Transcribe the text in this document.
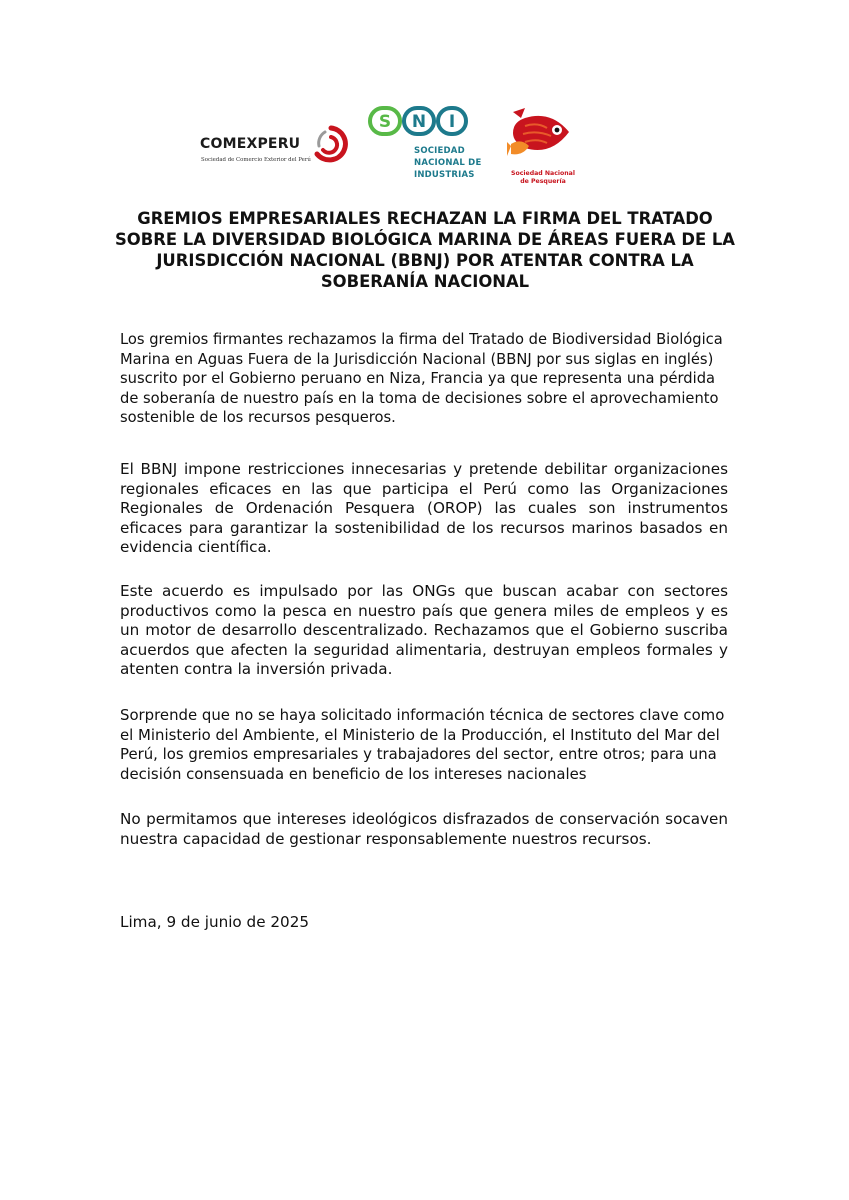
COMEXPERU
Sociedad de Comercio Exterior del Perú
S N I
SOCIEDAD
NACIONAL DE
INDUSTRIAS	Sociedad Nacional
de Pesquería
GREMIOS EMPRESARIALES RECHAZAN LA FIRMA DEL TRATADO
SOBRE LA DIVERSIDAD BIOLÓGICA MARINA DE ÁREAS FUERA DE LA
JURISDICCIÓN NACIONAL (BBNJ) POR ATENTAR CONTRA LA
SOBERANÍA NACIONAL
Los gremios firmantes rechazamos la firma del Tratado de Biodiversidad Biológica Marina en Aguas Fuera de la Jurisdicción Nacional (BBNJ por sus siglas en inglés) suscrito por el Gobierno peruano en Niza, Francia ya que representa una pérdida de soberanía de nuestro país en la toma de decisiones sobre el aprovechamiento sostenible de los recursos pesqueros.
El BBNJ impone restricciones innecesarias y pretende debilitar organizaciones regionales eficaces en las que participa el Perú como las Organizaciones Regionales de Ordenación Pesquera (OROP) las cuales son instrumentos eficaces para garantizar la sostenibilidad de los recursos marinos basados en evidencia científica.
Este acuerdo es impulsado por las ONGs que buscan acabar con sectores productivos como la pesca en nuestro país que genera miles de empleos y es un motor de desarrollo descentralizado. Rechazamos que el Gobierno suscriba acuerdos que afecten la seguridad alimentaria, destruyan empleos formales y atenten contra la inversión privada.
Sorprende que no se haya solicitado información técnica de sectores clave como el Ministerio del Ambiente, el Ministerio de la Producción, el Instituto del Mar del Perú, los gremios empresariales y trabajadores del sector, entre otros; para una decisión consensuada en beneficio de los intereses nacionales
No permitamos que intereses ideológicos disfrazados de conservación socaven nuestra capacidad de gestionar responsablemente nuestros recursos.
Lima, 9 de junio de 2025
